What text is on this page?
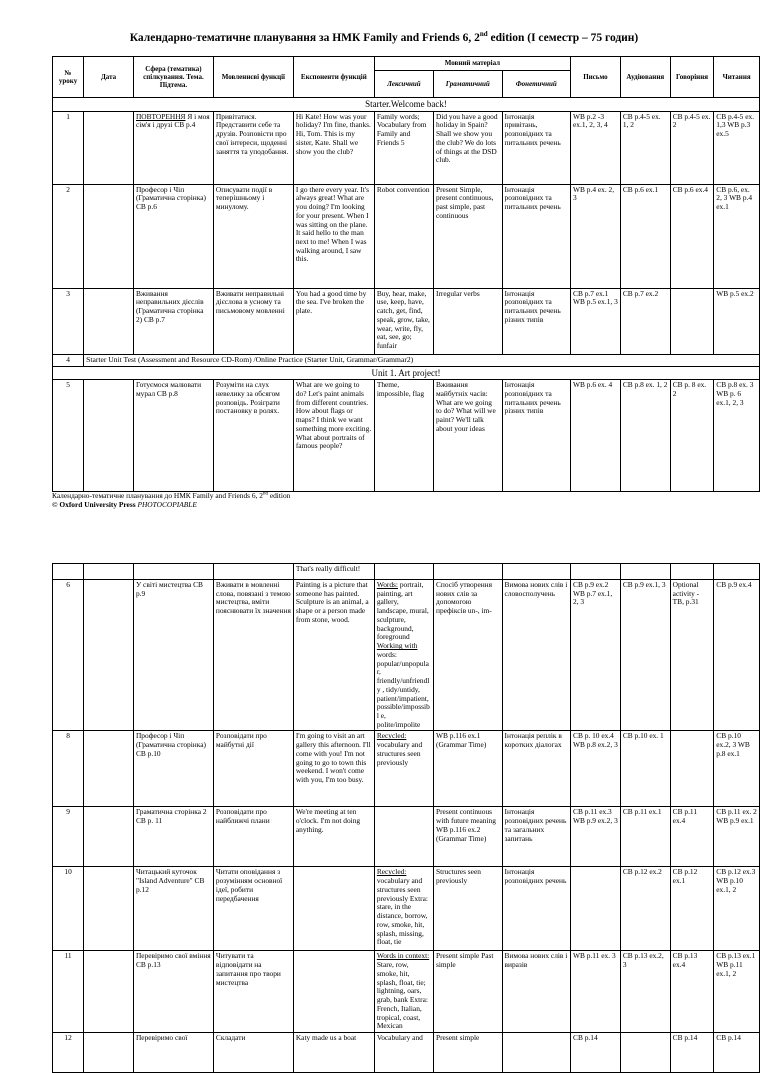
Календарно-тематичне планування за НМК Family and Friends 6, 2nd edition (І семестр – 75 годин)
№ уроку	Дата	Сфера (тематика) спілкування. Тема. Підтема.	Мовленнєві функції	Експоненти функцій	Мовний матеріал			Письмо	Аудіювання	Говоріння	Читання
					Лексичний	Граматичний	Фонетичний				
Starter.Welcome back!											
1		ПОВТОРЕННЯ Я і моя сім'я і друзі СВ р.4	Привітатися. Представити себе та друзів. Розповісти про свої інтереси, щоденні заняття та уподобання.	Hi Kate! How was your holiday? I'm fine, thanks. Hi, Tom. This is my sister, Kate. Shall we show you the club?	Family words; Vocabulary from Family and Friends 5	Did you have a good holiday in Spain? Shall we show you the club? We do lots of things at the DSD club.	Інтонація привітань, розповідних та питальних речень	WB p.2 -3 ex.1, 2, 3, 4	СВ р.4-5 ex. 1, 2	СВ р.4-5 ex. 2	СВ р.4-5 ex. 1,3 WB p.3 ex.5
2		Професор і Чіп (Граматична сторінка) СВ р.6	Описувати події в теперішньому і минулому.	I go there every year. It's always great! What are you doing? I'm looking for your present. When I was sitting on the plane. It said hello to the man next to me! When I was walking around, I saw this.	Robot convention	Present Simple, present continuous, past simple, past continuous	Інтонація розповідних та питальних речень	WB p.4 ex. 2, 3	СВ р.6 ex.1	СВ р.6 ex.4	СВ р.6, ex. 2, 3 WB p.4 ex.1
3		Вживання неправильних дієслів (Граматична сторінка 2) СВ р.7	Вживати неправильні дієслова в усному та письмовому мовленні	You had a good time by the sea. I've broken the plate.	Buy, hear, make, use, keep, have, catch, get, find, speak, grow, take, wear, write, fly, eat, see, go; funfair	Irregular verbs	Інтонація розповідних та питальних речень різних типів	СВ р.7 ex.1 WB p.5 ex.1, 3	СВ р.7 ex.2		WB p.5 ex.2
4	Starter Unit Test (Assessment and Resource CD-Rom) /Online Practice (Starter Unit, Grammar/Grammar2)										
Unit 1. Art project!											
5		Готуємося малювати мурал СВ р.8	Розуміти на слух невелику за обсягом розповідь. Розіграти постановку в ролях.	What are we going to do? Let's paint animals from different countries. How about flags or maps? I think we want something more exciting. What about portraits of famous people?	Theme, impossible, flag	Вживання майбутніх часів: What are we going to do? What will we paint? We'll talk about your ideas	Інтонація розповідних та питальних речень різних типів	WB p.6 ex. 4	СВ р.8 ex. 1, 2	СВ р. 8 ex. 2	СВ р.8 ex. 3 WB p. 6 ex.1, 2, 3
Календарно-тематичне планування до НМК Family and Friends 6, 2nd edition
© Oxford University Press PHOTOCOPIABLE
				That's really difficult!							
6		У світі мистецтва СВ р.9	Вживати в мовленні слова, повязані з темою мистецтва, вміти пояснювати їх значення	Painting is a picture that someone has painted. Sculpture is an animal, a shape or a person made from stone, wood.	Words: portrait, painting, art gallery, landscape, mural, sculpture, background, foreground Working with words: popular/unpopular, friendly/unfriendly , tidy/untidy, patient/impatient, possible/impossibl e, polite/impolite	Спосіб утворення нових слів за допомогою префіксів un-, im-	Вимова нових слів і словосполучень	СВ р.9 ex.2 WB p.7 ex.1, 2, 3	СВ р.9 ex.1, 3	Optional activity - TB, p.31	СВ р.9 ex.4
8		Професор і Чіп (Граматична сторінка) СВ р.10	Розповідати про майбутні дії	I'm going to visit an art gallery this afternoon. I'll come with you! I'm not going to go to town this weekend. I won't come with you, I'm too busy.	Recycled: vocabulary and structures seen previously	WB p.116 ex.1 (Grammar Time)	Інтонація реплік в коротких діалогах	СВ р. 10 ex.4 WB p.8 ex.2, 3	СВ р.10 ex. 1		СВ р.10 ex.2, 3 WB p.8 ex.1
9		Граматична сторінка 2 СВ р. 11	Розповідати про найближчі плани	We're meeting at ten o'clock. I'm not doing anything.		Present continuous with future meaning WB p.116 ex.2 (Grammar Time)	Інтонація розповідних речень та загальних запитань	СВ р.11 ex.3 WB p.9 ex.2, 3	СВ р.11 ex.1	СВ р.11 ex.4	СВ р.11 ex. 2 WB p.9 ex.1
10		Читацький куточок "Island Adventure" СВ р.12	Читати оповідання з розумінням основної ідеї, робити передбачення		Recycled: vocabulary and structures seen previously Extra: stare, in the distance, borrow, row, smoke, hit, splash, missing, float, tie	Structures seen previously	Інтонація розповідних речень		СВ р.12 ex.2	СВ р.12 ex.1	СВ р.12 ex.3 WB p.10 ex.1, 2
11		Перевіримо свої вміння СВ р.13	Читувати та відповідати на запитання про твори мистецтва		Words in context: Stare, row, smoke, hit, splash, float, tie; lightning, oars, grab, bank Extra: French, Italian, tropical, coast, Mexican	Present simple Past simple	Вимова нових слів і виразів	WB p.11 ex. 3	СВ р.13 ex.2, 3	СВ р.13 ex.4	СВ р.13 ex.1 WB p.11 ex.1, 2
12		Перевіримо свої	Складати	Katy made us a boat	Vocabulary and	Present simple		СВ р.14		СВ р.14	СВ р.14
